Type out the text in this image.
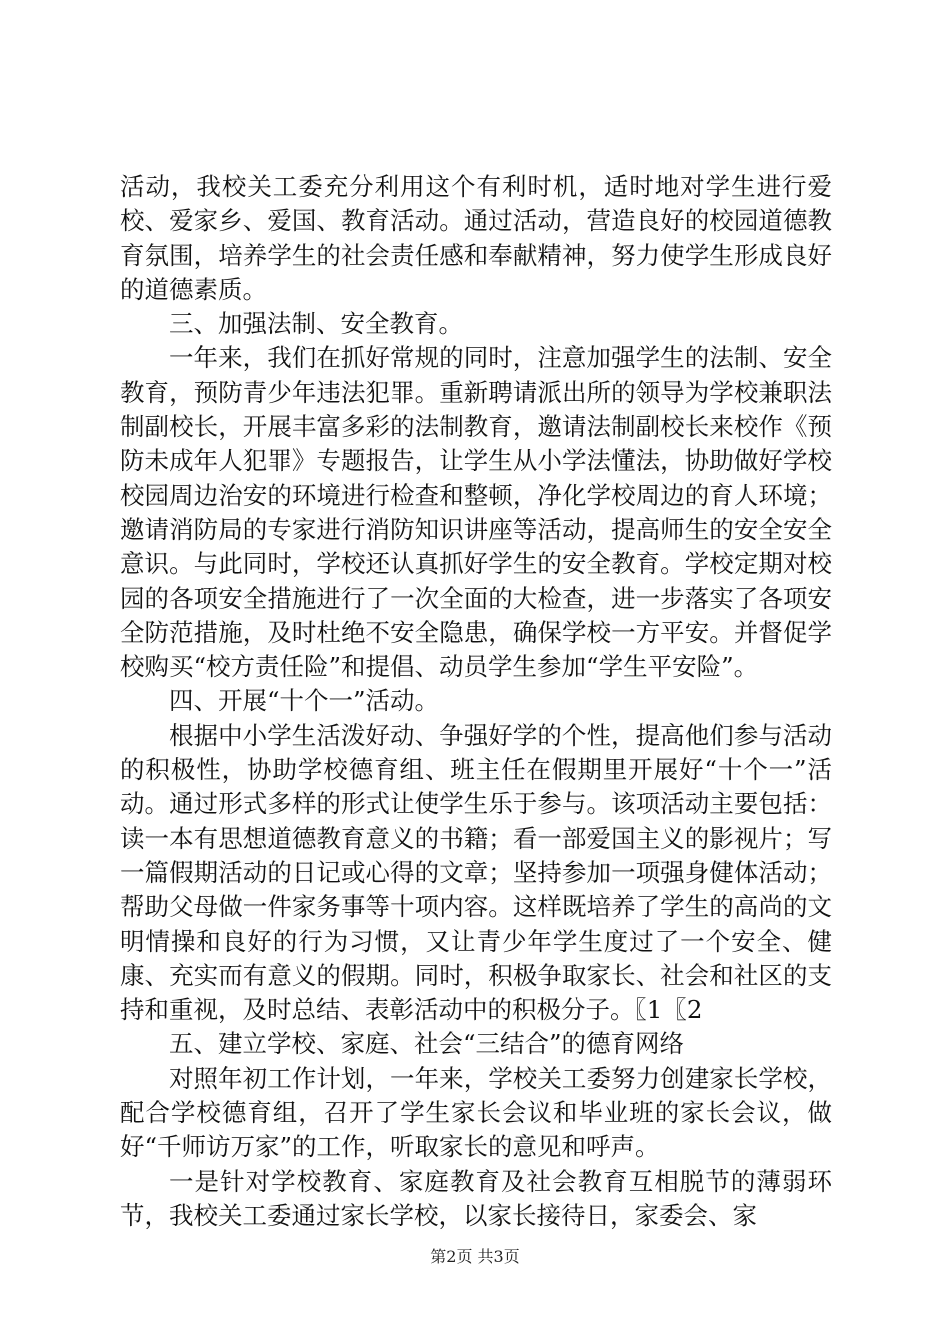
活动，我校关工委充分利用这个有利时机，适时地对学生进行爱校、爱家乡、爱国、教育活动。通过活动，营造良好的校园道德教育氛围，培养学生的社会责任感和奉献精神，努力使学生形成良好的道德素质。

三、加强法制、安全教育。

一年来，我们在抓好常规的同时，注意加强学生的法制、安全教育，预防青少年违法犯罪。重新聘请派出所的领导为学校兼职法制副校长，开展丰富多彩的法制教育，邀请法制副校长来校作《预防未成年人犯罪》专题报告，让学生从小学法懂法，协助做好学校校园周边治安的环境进行检查和整顿，净化学校周边的育人环境；邀请消防局的专家进行消防知识讲座等活动，提高师生的安全安全意识。与此同时，学校还认真抓好学生的安全教育。学校定期对校园的各项安全措施进行了一次全面的大检查，进一步落实了各项安全防范措施，及时杜绝不安全隐患，确保学校一方平安。并督促学校购买“校方责任险”和提倡、动员学生参加“学生平安险”。

四、开展“十个一”活动。

根据中小学生活泼好动、争强好学的个性，提高他们参与活动的积极性，协助学校德育组、班主任在假期里开展好“十个一”活动。通过形式多样的形式让使学生乐于参与。该项活动主要包括：读一本有思想道德教育意义的书籍；看一部爱国主义的影视片；写一篇假期活动的日记或心得的文章；坚持参加一项强身健体活动；帮助父母做一件家务事等十项内容。这样既培养了学生的高尚的文明情操和良好的行为习惯，又让青少年学生度过了一个安全、健康、充实而有意义的假期。同时，积极争取家长、社会和社区的支持和重视，及时总结、表彰活动中的积极分子。〖1〖2

五、建立学校、家庭、社会“三结合”的德育网络

对照年初工作计划，一年来，学校关工委努力创建家长学校，配合学校德育组，召开了学生家长会议和毕业班的家长会议，做好“千师访万家”的工作，听取家长的意见和呼声。

一是针对学校教育、家庭教育及社会教育互相脱节的薄弱环节，我校关工委通过家长学校，以家长接待日，家委会、家

第2页 共3页
